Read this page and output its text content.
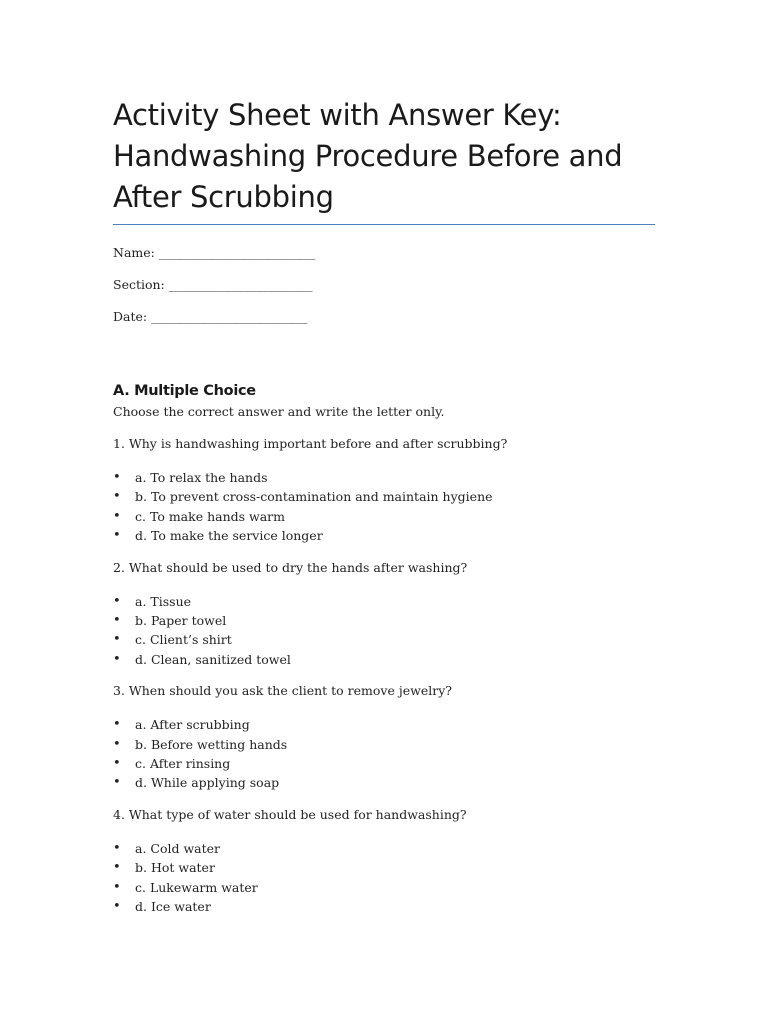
Activity Sheet with Answer Key:
Handwashing Procedure Before and
After Scrubbing

Name: _________________________

Section: _______________________

Date: _________________________

A. Multiple Choice

Choose the correct answer and write the letter only.

1. Why is handwashing important before and after scrubbing?

• a. To relax the hands
• b. To prevent cross-contamination and maintain hygiene
• c. To make hands warm
• d. To make the service longer

2. What should be used to dry the hands after washing?

• a. Tissue
• b. Paper towel
• c. Client’s shirt
• d. Clean, sanitized towel

3. When should you ask the client to remove jewelry?

• a. After scrubbing
• b. Before wetting hands
• c. After rinsing
• d. While applying soap

4. What type of water should be used for handwashing?

• a. Cold water
• b. Hot water
• c. Lukewarm water
• d. Ice water
